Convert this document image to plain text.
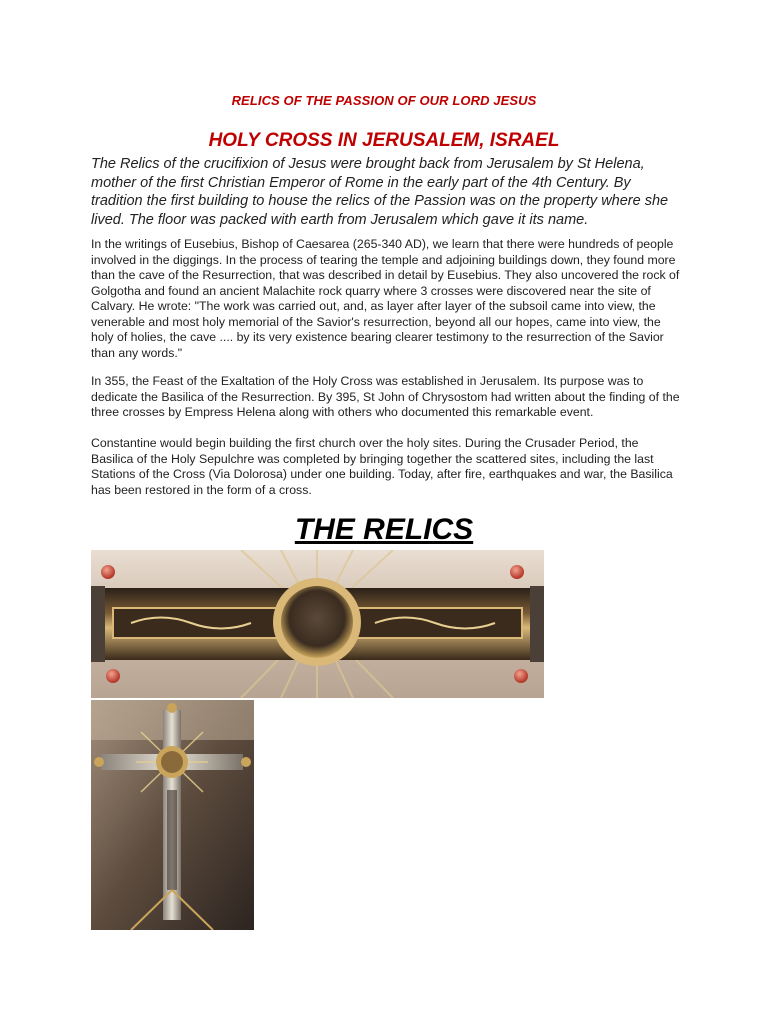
RELICS OF THE PASSION OF OUR LORD JESUS
HOLY CROSS IN JERUSALEM, ISRAEL
The Relics of the crucifixion of Jesus were brought back from Jerusalem by St Helena, mother of the first Christian Emperor of Rome in the early part of the 4th Century. By tradition the first building to house the relics of the Passion was on the property where she lived. The floor was packed with earth from Jerusalem which gave it its name.
In the writings of Eusebius, Bishop of Caesarea (265-340 AD), we learn that there were hundreds of people involved in the diggings. In the process of tearing the temple and adjoining buildings down, they found more than the cave of the Resurrection, that was described in detail by Eusebius. They also uncovered the rock of Golgotha and found an ancient Malachite rock quarry where 3 crosses were discovered near the site of Calvary. He wrote: "The work was carried out, and, as layer after layer of the subsoil came into view, the venerable and most holy memorial of the Savior's resurrection, beyond all our hopes, came into view, the holy of holies, the cave .... by its very existence bearing clearer testimony to the resurrection of the Savior than any words."
In 355, the Feast of the Exaltation of the Holy Cross was established in Jerusalem. Its purpose was to dedicate the Basilica of the Resurrection. By 395, St John of Chrysostom had written about the finding of the three crosses by Empress Helena along with others who documented this remarkable event.
Constantine would begin building the first church over the holy sites. During the Crusader Period, the Basilica of the Holy Sepulchre was completed by bringing together the scattered sites, including the last Stations of the Cross (Via Dolorosa) under one building. Today, after fire, earthquakes and war, the Basilica has been restored in the form of a cross.
THE RELICS
